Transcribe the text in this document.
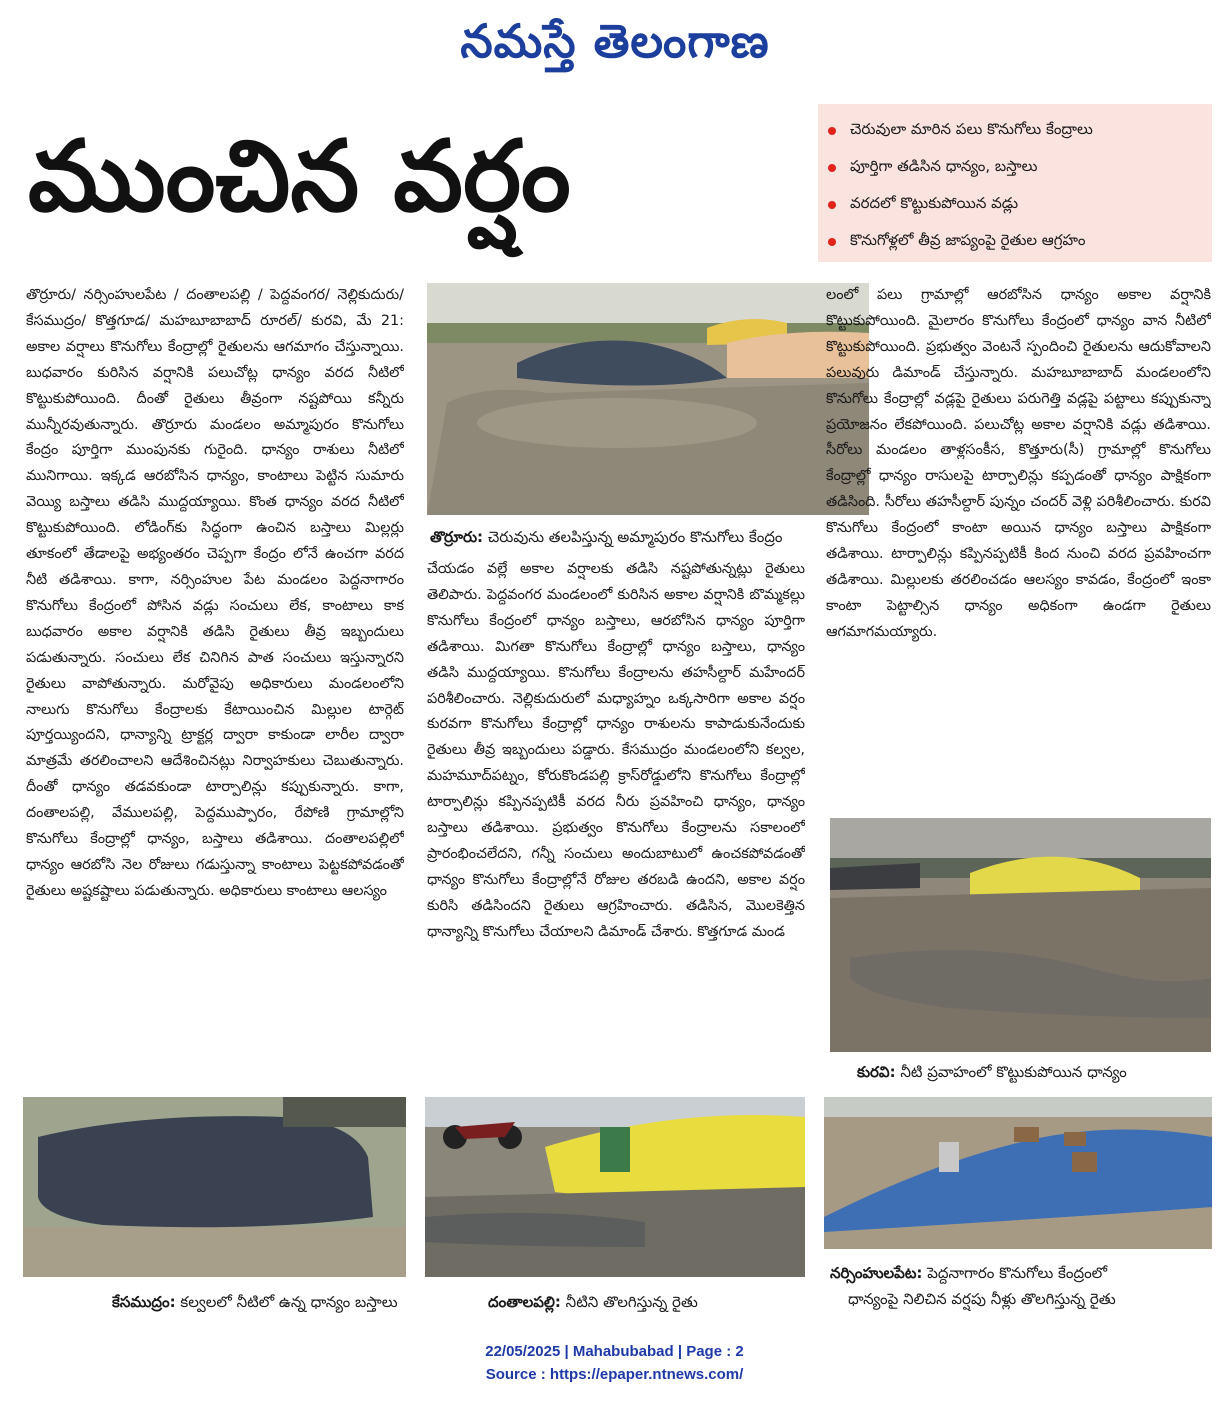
నమస్తే తెలంగాణ
ముంచిన వర్షం	చెరువులా మారిన పలు కొనుగోలు కేంద్రాలు
పూర్తిగా తడిసిన ధాన్యం, బస్తాలు
వరదలో కొట్టుకుపోయిన వడ్లు
కొనుగోళ్లలో తీవ్ర జాప్యంపై రైతుల ఆగ్రహం

తొర్రూరు/ నర్సింహులపేట / దంతాలపల్లి / పెద్దవంగర/ నెల్లికుదురు/ కేసముద్రం/ కొత్తగూడ/ మహబూబాబాద్ రూరల్/ కురవి, మే 21: అకాల వర్షాలు కొనుగోలు కేంద్రాల్లో రైతులను ఆగమాగం చేస్తున్నాయి. బుధవారం కురిసిన వర్షానికి పలుచోట్ల ధాన్యం వరద నీటిలో కొట్టుకుపోయింది. దీంతో రైతులు తీవ్రంగా నష్టపోయి కన్నీరు మున్నీరవుతున్నారు. తొర్రూరు మండలం అమ్మాపురం కొనుగోలు కేంద్రం పూర్తిగా ముంపునకు గురైంది. ధాన్యం రాశులు నీటిలో మునిగాయి. ఇక్కడ ఆరబోసిన ధాన్యం, కాంటాలు పెట్టిన సుమారు వెయ్యి బస్తాలు తడిసి ముద్దయ్యాయి. కొంత ధాన్యం వరద నీటిలో కొట్టుకుపోయింది. లోడింగ్‌కు సిద్ధంగా ఉంచిన బస్తాలు మిల్లర్లు తూకంలో తేడాలపై అభ్యంతరం చెప్పగా కేంద్రం లోనే ఉంచగా వరద నీటి తడిశాయి. కాగా, నర్సింహుల పేట మండలం పెద్దనాగారం కొనుగోలు కేంద్రంలో పోసిన వడ్లు సంచులు లేక, కాంటాలు కాక బుధవారం అకాల వర్షానికి తడిసి రైతులు తీవ్ర ఇబ్బందులు పడుతున్నారు. సంచులు లేక చినిగిన పాత సంచులు ఇస్తున్నారని రైతులు వాపోతున్నారు. మరోవైపు అధికారులు మండలంలోని నాలుగు కొనుగోలు కేంద్రాలకు కేటాయించిన మిల్లుల టార్గెట్ పూర్తయ్యిందని, ధాన్యాన్ని ట్రాక్టర్ల ద్వారా కాకుండా లారీల ద్వారా మాత్రమే తరలించాలని ఆదేశించినట్లు నిర్వాహకులు చెబుతున్నారు. దీంతో ధాన్యం తడవకుండా టార్పాలిన్లు కప్పుకున్నారు. కాగా, దంతాలపల్లి, వేములపల్లి, పెద్దముప్పారం, రేపోణి గ్రామాల్లోని కొనుగోలు కేంద్రాల్లో ధాన్యం, బస్తాలు తడిశాయి. దంతాలపల్లిలో ధాన్యం ఆరబోసి నెల రోజులు గడుస్తున్నా కాంటాలు పెట్టకపోవడంతో రైతులు అష్టకష్టాలు పడుతున్నారు. అధికారులు కాంటాలు ఆలస్యం

తొర్రూరు: చెరువును తలపిస్తున్న అమ్మాపురం కొనుగోలు కేంద్రం

చేయడం వల్లే అకాల వర్షాలకు తడిసి నష్టపోతున్నట్లు రైతులు తెలిపారు. పెద్దవంగర మండలంలో కురిసిన అకాల వర్షానికి బొమ్మకల్లు కొనుగోలు కేంద్రంలో ధాన్యం బస్తాలు, ఆరబోసిన ధాన్యం పూర్తిగా తడిశాయి. మిగతా కొనుగోలు కేంద్రాల్లో ధాన్యం బస్తాలు, ధాన్యం తడిసి ముద్దయ్యాయి. కొనుగోలు కేంద్రాలను తహసీల్దార్ మహేందర్ పరిశీలించారు. నెల్లికుదురులో మధ్యాహ్నం ఒక్కసారిగా అకాల వర్షం కురవగా కొనుగోలు కేంద్రాల్లో ధాన్యం రాశులను కాపాడుకునేందుకు రైతులు తీవ్ర ఇబ్బందులు పడ్డారు. కేసముద్రం మండలంలోని కల్వల, మహమూద్‌పట్నం, కోరుకొండపల్లి క్రాస్‌రోడ్డులోని కొనుగోలు కేంద్రాల్లో టార్పాలిన్లు కప్పినప్పటికీ వరద నీరు ప్రవహించి ధాన్యం, ధాన్యం బస్తాలు తడిశాయి. ప్రభుత్వం కొనుగోలు కేంద్రాలను సకాలంలో ప్రారంభించలేదని, గన్నీ సంచులు అందుబాటులో ఉంచకపోవడంతో ధాన్యం కొనుగోలు కేంద్రాల్లోనే రోజుల తరబడి ఉందని, అకాల వర్షం కురిసి తడిసిందని రైతులు ఆగ్రహించారు. తడిసిన, మొలకెత్తిన ధాన్యాన్ని కొనుగోలు చేయాలని డిమాండ్ చేశారు. కొత్తగూడ మండ

లంలో పలు గ్రామాల్లో ఆరబోసిన ధాన్యం అకాల వర్షానికి కొట్టుకుపోయింది. మైలారం కొనుగోలు కేంద్రంలో ధాన్యం వాన నీటిలో కొట్టుకుపోయింది. ప్రభుత్వం వెంటనే స్పందించి రైతులను ఆదుకోవాలని పలువురు డిమాండ్ చేస్తున్నారు. మహబూబాబాద్ మండలంలోని కొనుగోలు కేంద్రాల్లో వడ్లపై రైతులు పరుగెత్తి వడ్లపై పట్టాలు కప్పుకున్నా ప్రయోజనం లేకపోయింది. పలుచోట్ల అకాల వర్షానికి వడ్లు తడిశాయి. సీరోలు మండలం తాళ్లసంకీస, కొత్తూరు(సీ) గ్రామాల్లో కొనుగోలు కేంద్రాల్లో ధాన్యం రాసులపై టార్పాలిన్లు కప్పడంతో ధాన్యం పాక్షికంగా తడిసింది. సీరోలు తహసీల్దార్ పున్నం చందర్ వెళ్లి పరిశీలించారు. కురవి కొనుగోలు కేంద్రంలో కాంటా అయిన ధాన్యం బస్తాలు పాక్షికంగా తడిశాయి. టార్పాలిన్లు కప్పినప్పటికీ కింద నుంచి వరద ప్రవహించగా తడిశాయి. మిల్లులకు తరలించడం ఆలస్యం కావడం, కేంద్రంలో ఇంకా కాంటా పెట్టాల్సిన ధాన్యం అధికంగా ఉండగా రైతులు ఆగమాగమయ్యారు.

కురవి: నీటి ప్రవాహంలో కొట్టుకుపోయిన ధాన్యం
కేసముద్రం: కల్వలలో నీటిలో ఉన్న ధాన్యం బస్తాలు	దంతాలపల్లి: నీటిని తొలగిస్తున్న రైతు
నర్సింహులపేట: పెద్దనాగారం కొనుగోలు కేంద్రంలో
ధాన్యంపై నిలిచిన వర్షపు నీళ్లు తొలగిస్తున్న రైతు
22/05/2025 | Mahabubabad | Page : 2
Source : https://epaper.ntnews.com/
